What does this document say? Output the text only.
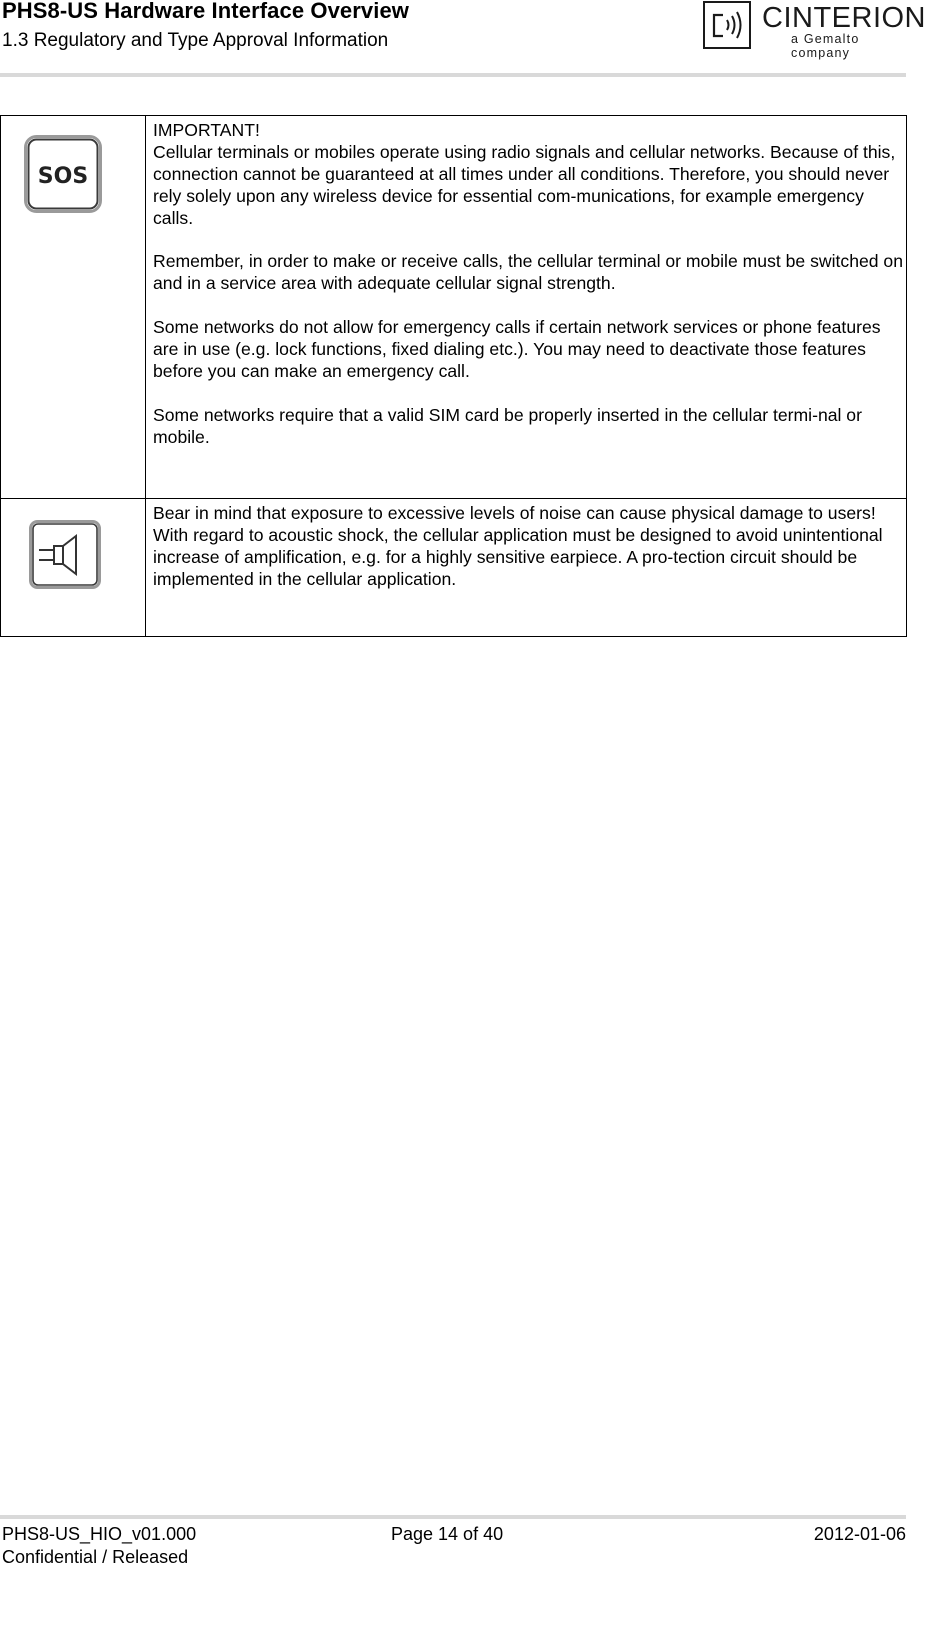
PHS8-US Hardware Interface Overview
1.3 Regulatory and Type Approval Information
CINTERION
a Gemalto company
SOS	IMPORTANT!
Cellular terminals or mobiles operate using radio signals and cellular networks. Because of this, connection cannot be guaranteed at all times under all conditions. Therefore, you should never rely solely upon any wireless device for essential com-munications, for example emergency calls.

Remember, in order to make or receive calls, the cellular terminal or mobile must be switched on and in a service area with adequate cellular signal strength.

Some networks do not allow for emergency calls if certain network services or phone features are in use (e.g. lock functions, fixed dialing etc.). You may need to deactivate those features before you can make an emergency call.

Some networks require that a valid SIM card be properly inserted in the cellular termi-nal or mobile.

Bear in mind that exposure to excessive levels of noise can cause physical damage to users! With regard to acoustic shock, the cellular application must be designed to avoid unintentional increase of amplification, e.g. for a highly sensitive earpiece. A pro-tection circuit should be implemented in the cellular application.

PHS8-US_HIO_v01.000
Confidential / Released
Page 14 of 40	2012-01-06
